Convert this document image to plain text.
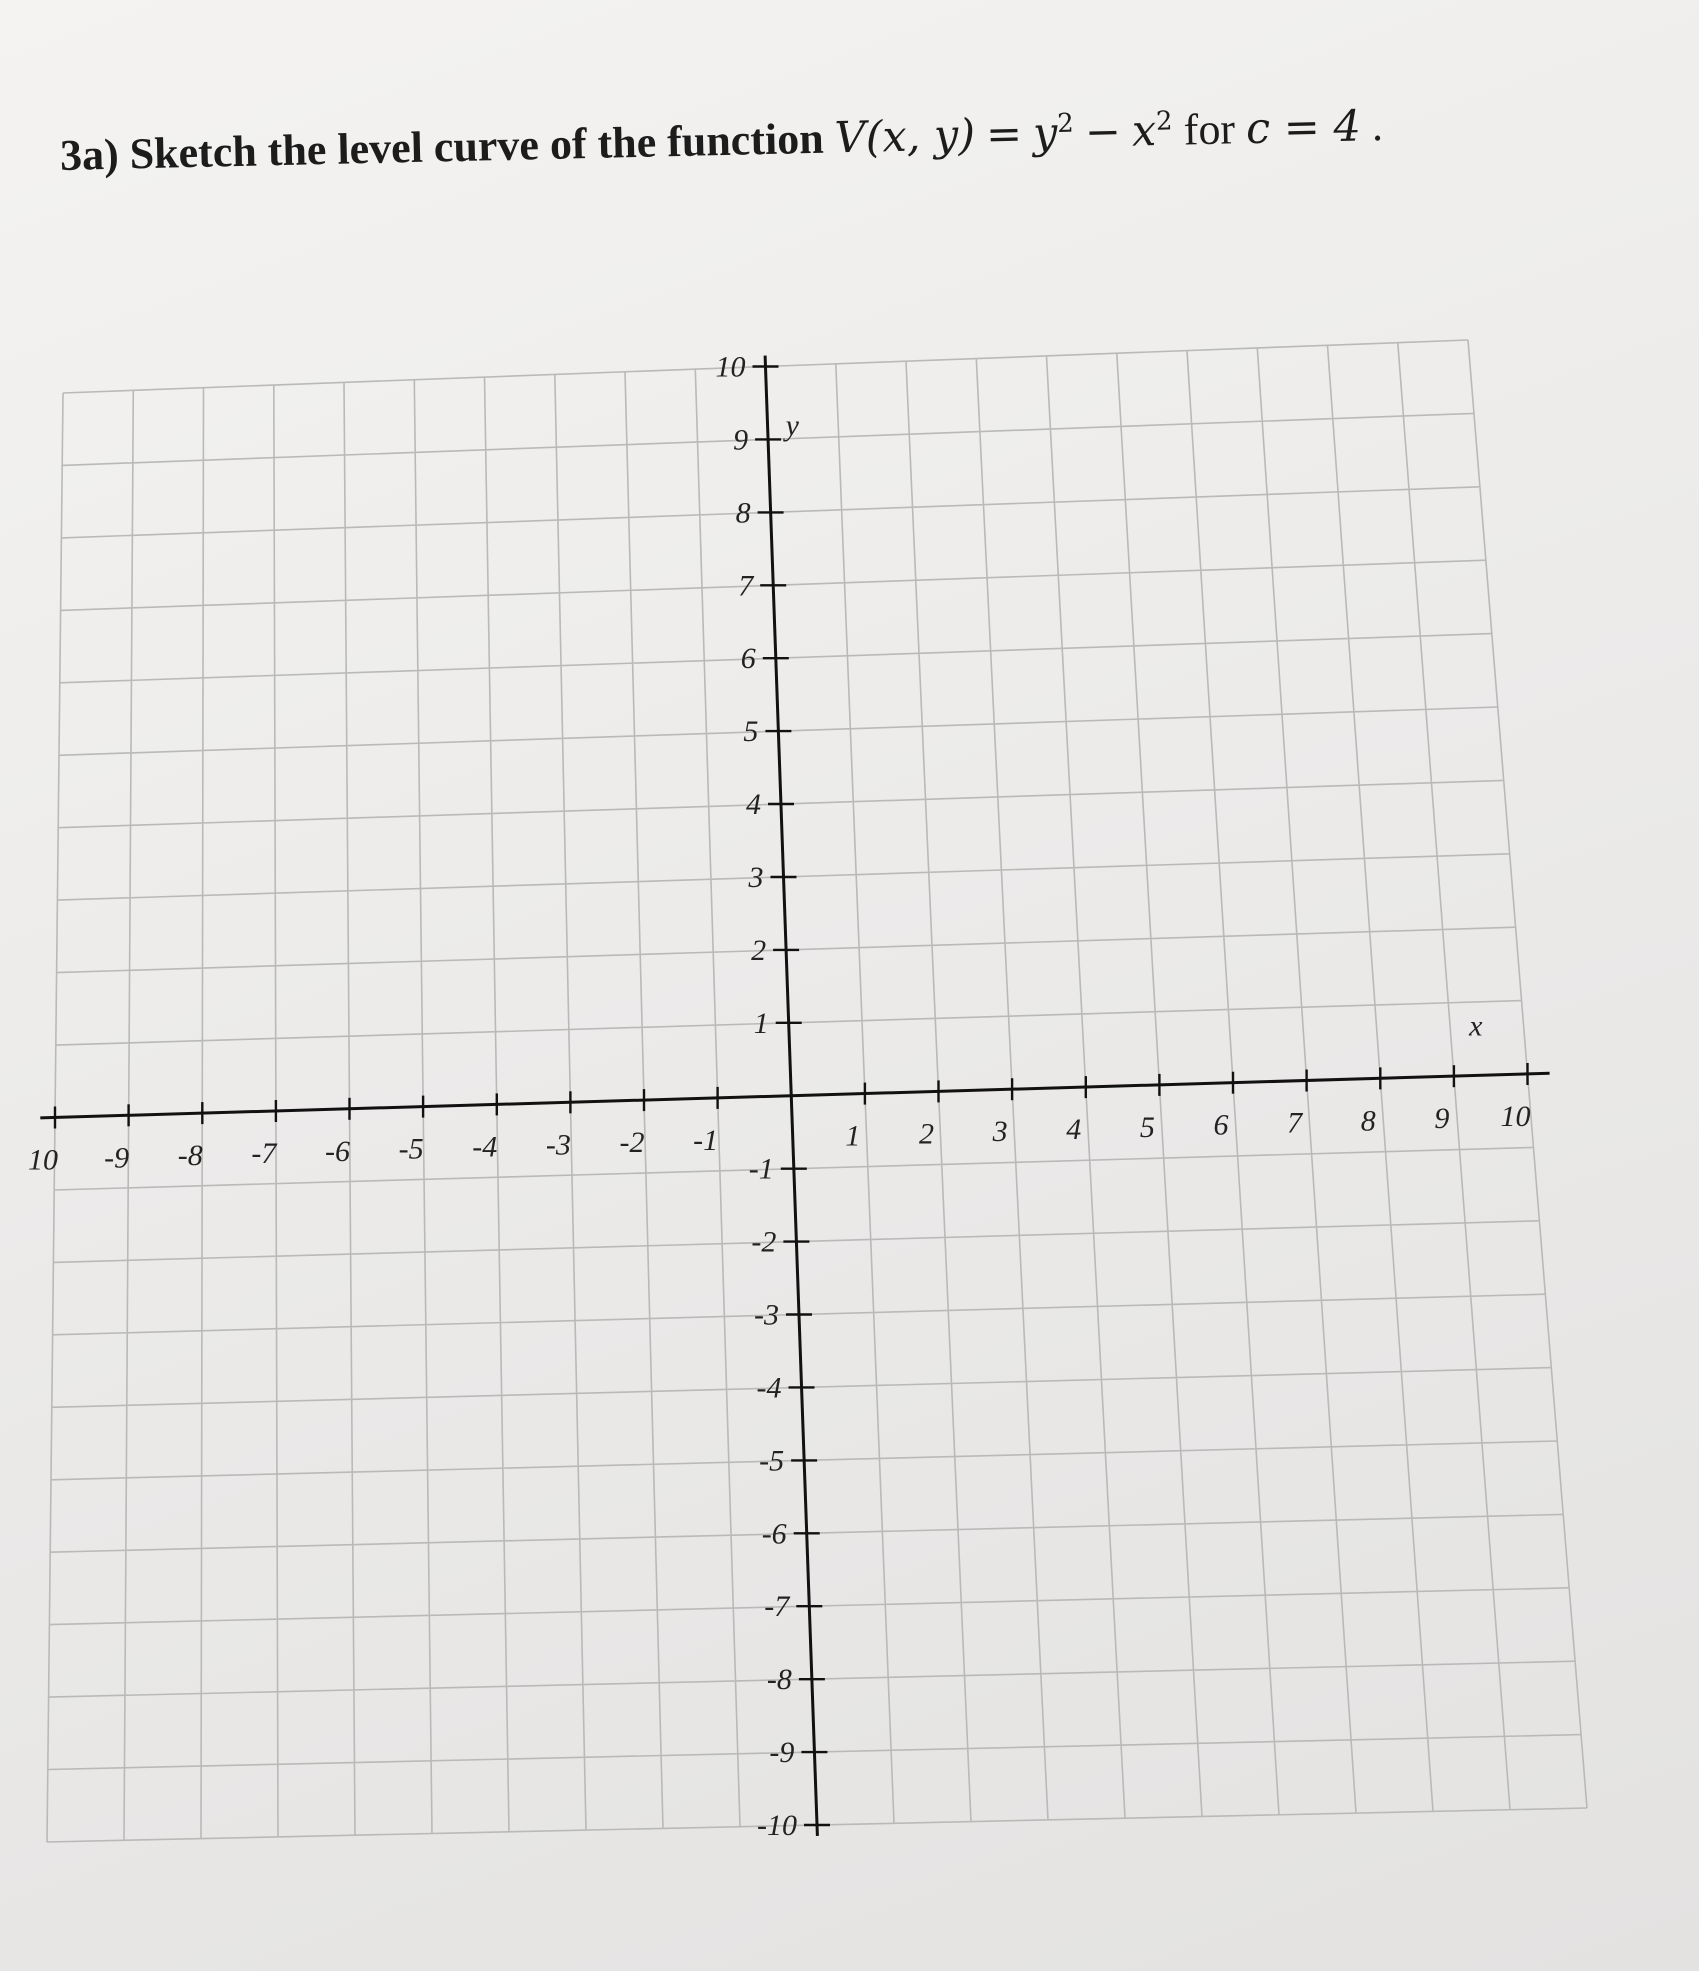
3a) Sketch the level curve of the function V(x, $y) = y^2 - x^2$ for c = 4 .
10 -9 -8 -7 -6 -5 -4 -3 -2 -1	1 2 3 4 5 6 7 8 9 10
10
9
8
7
6
5
4
3
2
1
-1
-2
-3
-4
-5
-6
-7
-8
-9
-10
y
x
